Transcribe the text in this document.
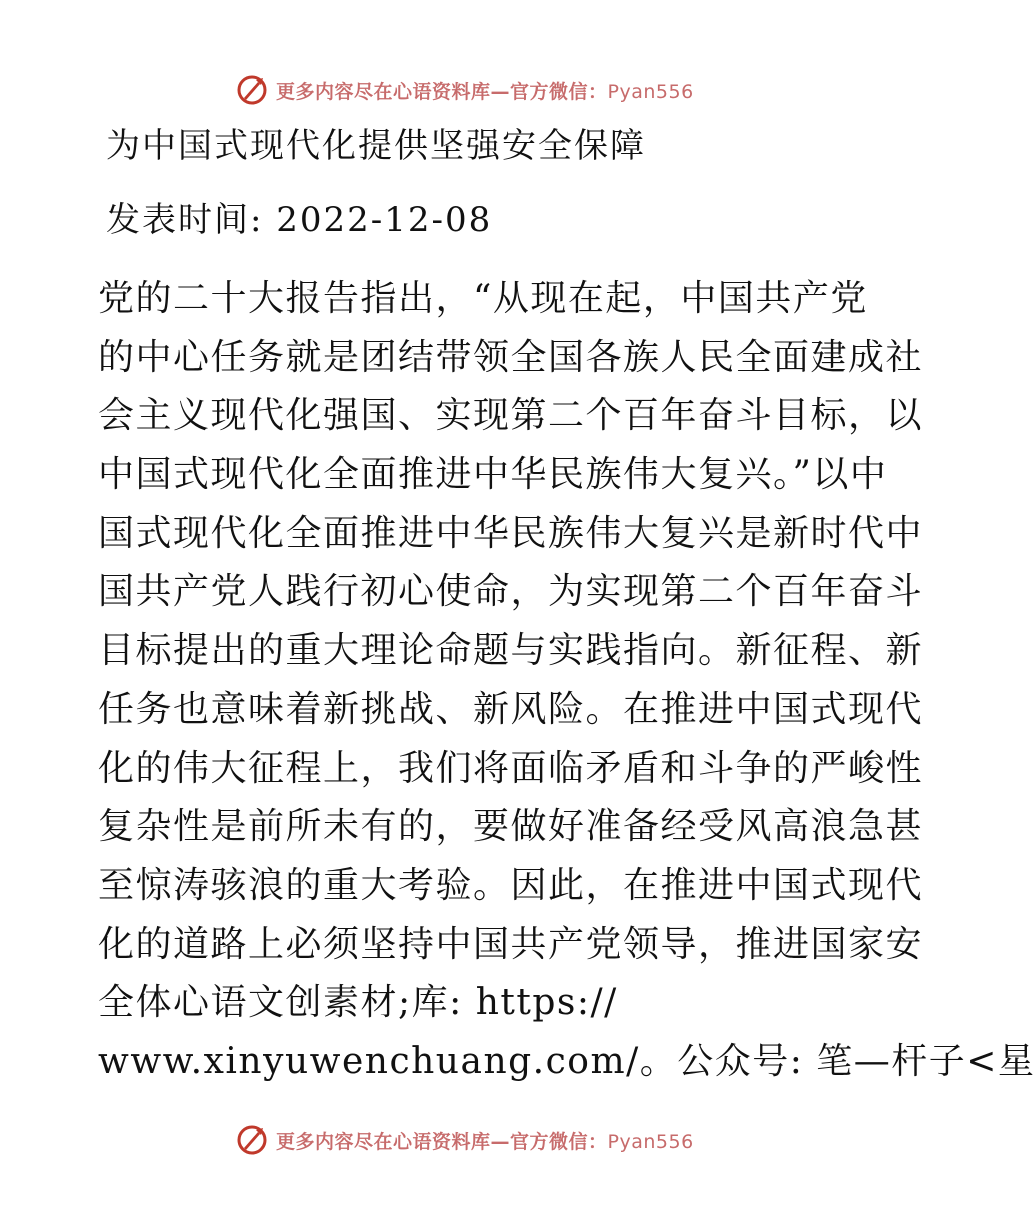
更多内容尽在心语资料库—官方微信：Pyan556
为中国式现代化提供坚强安全保障
发表时间: 2022-12-08
党的二十大报告指出，“从现在起，中国共产党
的中心任务就是团结带领全国各族人民全面建成社
会主义现代化强国、实现第二个百年奋斗目标，以
中国式现代化全面推进中华民族伟大复兴。”以中
国式现代化全面推进中华民族伟大复兴是新时代中
国共产党人践行初心使命，为实现第二个百年奋斗
目标提出的重大理论命题与实践指向。新征程、新
任务也意味着新挑战、新风险。在推进中国式现代
化的伟大征程上，我们将面临矛盾和斗争的严峻性
复杂性是前所未有的，要做好准备经受风高浪急甚
至惊涛骇浪的重大考验。因此，在推进中国式现代
化的道路上必须坚持中国共产党领导，推进国家安
全体心语文创素材;库: https://
www.xinyuwenchuang.com/。公众号: 笔—杆子<星
更多内容尽在心语资料库—官方微信：Pyan556
